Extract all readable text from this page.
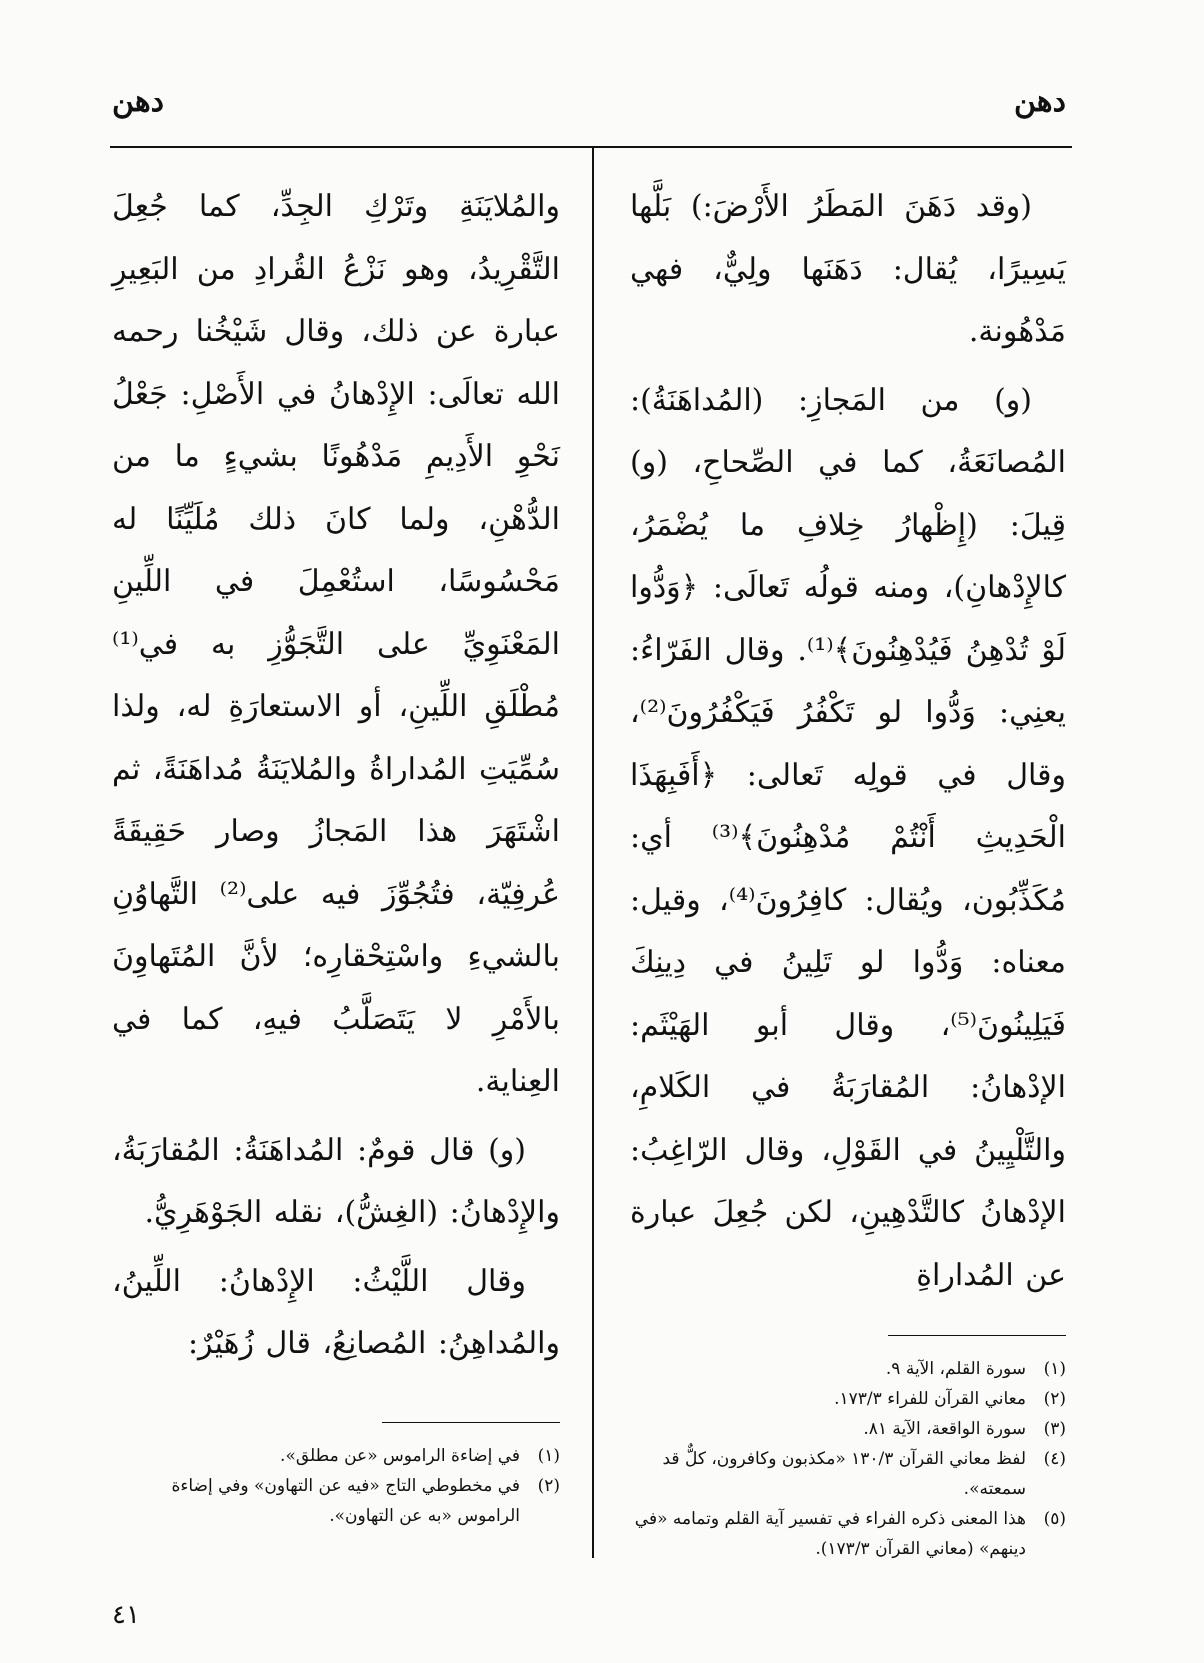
دهن
دهن

(وقد دَهَنَ المَطَرُ الأَرْضَ:) بَلَّها يَسِيرًا، يُقال: دَهَنَها ولِيٌّ، فهي مَدْهُونة.

(و) من المَجازِ: (المُداهَنَةُ): المُصانَعَةُ، كما في الصِّحاحِ، (و) قِيلَ: (إِظْهارُ خِلافِ ما يُضْمَرُ، كالإِدْهانِ)، ومنه قولُه تَعالَى: ﴿وَدُّوا لَوْ تُدْهِنُ فَيُدْهِنُونَ﴾⁽¹⁾. وقال الفَرّاءُ: يعنِي: وَدُّوا لو تَكْفُرُ فَيَكْفُرُونَ⁽²⁾، وقال في قولِه تَعالى: ﴿أَفَبِهَذَا الْحَدِيثِ أَنْتُمْ مُدْهِنُونَ﴾⁽³⁾ أي: مُكَذِّبُون، ويُقال: كافِرُونَ⁽⁴⁾، وقيل: معناه: وَدُّوا لو تَلِينُ في دِينِكَ فَيَلِينُونَ⁽⁵⁾، وقال أبو الهَيْثَم: الإدْهانُ: المُقارَبَةُ في الكَلامِ، والتَّلْيِينُ في القَوْلِ، وقال الرّاغِبُ: الإدْهانُ كالتَّدْهِينِ، لكن جُعِلَ عبارة عن المُداراةِ

(١)
سورة القلم، الآية ٩.
(٢)
معاني القرآن للفراء ١٧٣/٣.
(٣)
سورة الواقعة، الآية ٨١.
(٤)
لفظ معاني القرآن ١٣٠/٣ «مكذبون وكافرون، كلٌّ قد سمعته».
(٥)
هذا المعنى ذكره الفراء في تفسير آية القلم وتمامه «في دينهم» (معاني القرآن ١٧٣/٣).

والمُلايَنَةِ وتَرْكِ الجِدِّ، كما جُعِلَ التَّقْرِيدُ، وهو نَزْعُ القُرادِ من البَعِيرِ عبارة عن ذلك، وقال شَيْخُنا رحمه الله تعالَى: الإِدْهانُ في الأَصْلِ: جَعْلُ نَحْوِ الأَدِيمِ مَدْهُونًا بشيءٍ ما من الدُّهْنِ، ولما كانَ ذلك مُلَيِّنًا له مَحْسُوسًا، استُعْمِلَ في اللِّينِ المَعْنَوِيِّ على التَّجَوُّزِ به في⁽¹⁾ مُطْلَقِ اللِّينِ، أو الاستعارَةِ له، ولذا سُمِّيَتِ المُداراةُ والمُلايَنَةُ مُداهَنَةً، ثم اشْتَهَرَ هذا المَجازُ وصار حَقِيقَةً عُرفِيّة، فتُجُوِّزَ فيه على⁽²⁾ التَّهاوُنِ بالشيءِ واسْتِحْقارِه؛ لأنَّ المُتَهاوِنَ بالأَمْرِ لا يَتَصَلَّبُ فيهِ، كما في العِناية.

(و) قال قومٌ: المُداهَنَةُ: المُقارَبَةُ، والإِدْهانُ: (الغِشُّ)، نقله الجَوْهَرِيُّ.

وقال اللَّيْثُ: الإِدْهانُ: اللِّينُ، والمُداهِنُ: المُصانِعُ، قال زُهَيْرٌ:

(١)
في إضاءة الراموس «عن مطلق».
(٢)
في مخطوطي التاج «فيه عن التهاون» وفي إضاءة الراموس «به عن التهاون».
٤١
